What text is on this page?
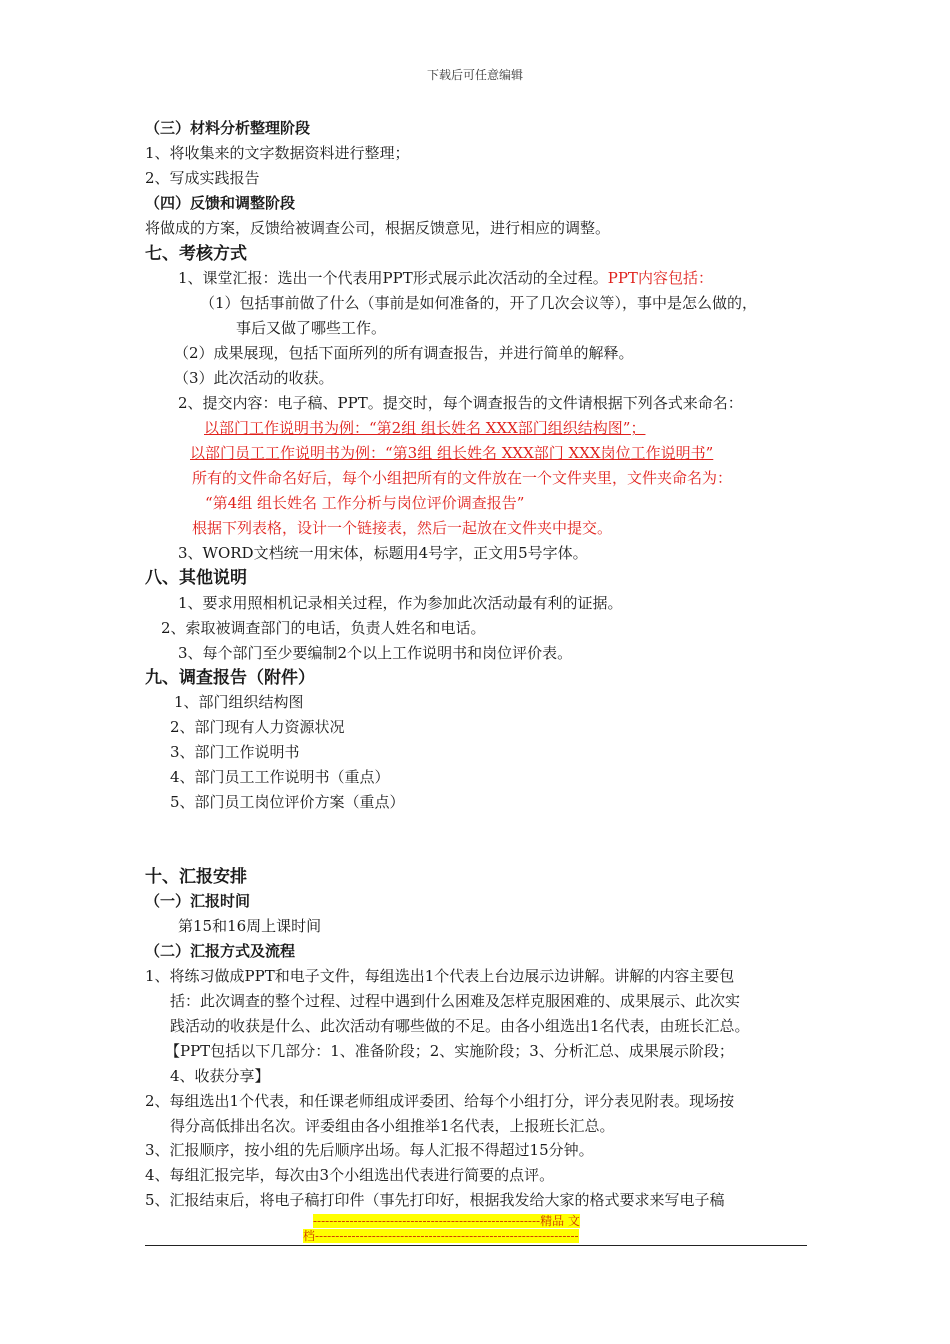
下载后可任意编辑
（三）材料分析整理阶段
1、将收集来的文字数据资料进行整理；
2、写成实践报告
（四）反馈和调整阶段
将做成的方案，反馈给被调查公司，根据反馈意见，进行相应的调整。
七、考核方式
1、课堂汇报：选出一个代表用PPT形式展示此次活动的全过程。PPT内容包括：
（1）包括事前做了什么（事前是如何准备的，开了几次会议等），事中是怎么做的，
事后又做了哪些工作。
（2）成果展现，包括下面所列的所有调查报告，并进行简单的解释。
（3）此次活动的收获。
2、提交内容：电子稿、PPT。提交时，每个调查报告的文件请根据下列各式来命名：
以部门工作说明书为例：“第2组 组长姓名 XXX部门组织结构图”；
以部门员工工作说明书为例：“第3组 组长姓名 XXX部门 XXX岗位工作说明书”
所有的文件命名好后，每个小组把所有的文件放在一个文件夹里，文件夹命名为：
“第4组 组长姓名 工作分析与岗位评价调查报告”
根据下列表格，设计一个链接表，然后一起放在文件夹中提交。
3、WORD文档统一用宋体，标题用4号字，正文用5号字体。
八、其他说明
1、要求用照相机记录相关过程，作为参加此次活动最有利的证据。
2、索取被调查部门的电话，负责人姓名和电话。
3、每个部门至少要编制2个以上工作说明书和岗位评价表。
九、调查报告（附件）
1、部门组织结构图
2、部门现有人力资源状况
3、部门工作说明书
4、部门员工工作说明书（重点）
5、部门员工岗位评价方案（重点）
十、汇报安排
（一）汇报时间
第15和16周上课时间
（二）汇报方式及流程
1、将练习做成PPT和电子文件，每组选出1个代表上台边展示边讲解。讲解的内容主要包
括：此次调查的整个过程、过程中遇到什么困难及怎样克服困难的、成果展示、此次实
践活动的收获是什么、此次活动有哪些做的不足。由各小组选出1名代表，由班长汇总。
【PPT包括以下几部分：1、准备阶段；2、实施阶段；3、分析汇总、成果展示阶段；
4、收获分享】
2、每组选出1个代表，和任课老师组成评委团、给每个小组打分，评分表见附表。现场按
得分高低排出名次。评委组由各小组推举1名代表，上报班长汇总。
3、汇报顺序，按小组的先后顺序出场。每人汇报不得超过15分钟。
4、每组汇报完毕，每次由3个小组选出代表进行简要的点评。
5、汇报结束后，将电子稿打印件（事先打印好，根据我发给大家的格式要求来写电子稿
--------------------------------------------------------精品 文
档-----------------------------------------------------------------
